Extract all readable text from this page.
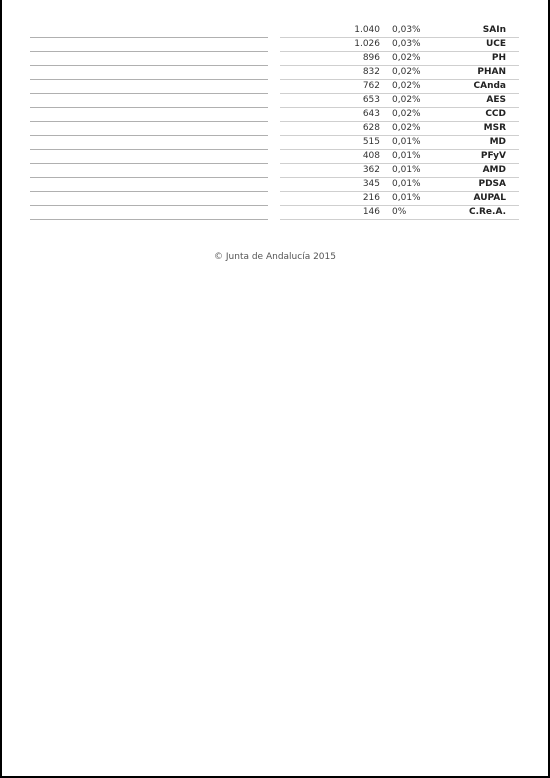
1.040 0,03%	SAIn
1.026 0,03%	UCE
896 0,02%	PH
832 0,02%	PHAN
762 0,02%	CAnda
653 0,02%	AES
643 0,02%	CCD
628 0,02%	MSR
515 0,01%	MD
408 0,01%	PFyV
362 0,01%	AMD
345 0,01%	PDSA
216 0,01%	AUPAL
146 0%	C.Re.A.
© Junta de Andalucía 2015
